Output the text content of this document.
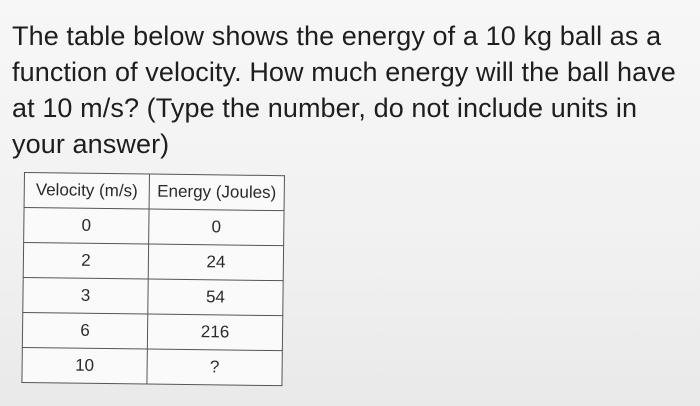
The table below shows the energy of a 10 kg ball as a function of velocity. How much energy will the ball have at 10 m/s? (Type the number, do not include units in your answer)

Velocity (m/s)	Energy (Joules)
0	0
2	24
3	54
6	216
10	?
